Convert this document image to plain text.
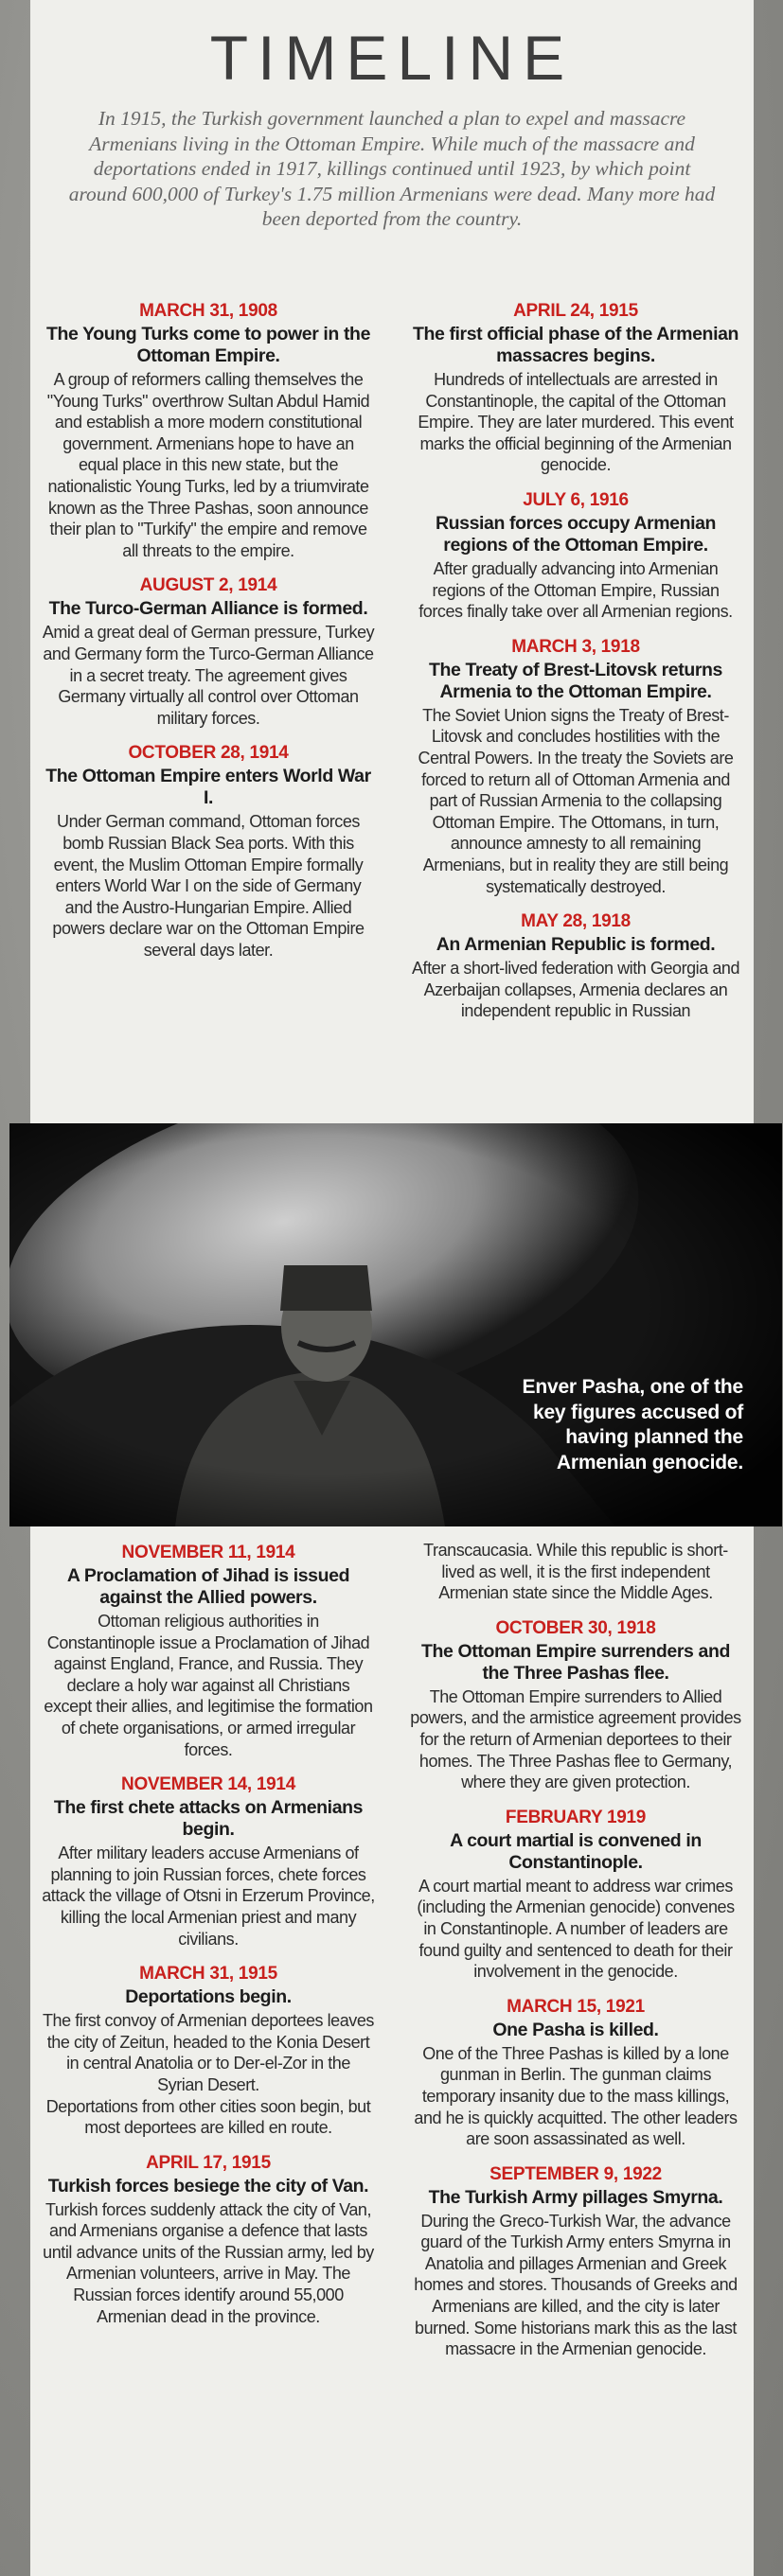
TIMELINE

In 1915, the Turkish government launched a plan to expel and massacre Armenians living in the Ottoman Empire. While much of the massacre and deportations ended in 1917, killings continued until 1923, by which point around 600,000 of Turkey's 1.75 million Armenians were dead. Many more had been deported from the country.

MARCH 31, 1908

The Young Turks come to power in the Ottoman Empire.

A group of reformers calling themselves the "Young Turks" overthrow Sultan Abdul Hamid and establish a more modern constitutional government. Armenians hope to have an equal place in this new state, but the nationalistic Young Turks, led by a triumvirate known as the Three Pashas, soon announce their plan to "Turkify" the empire and remove all threats to the empire.

AUGUST 2, 1914

The Turco-German Alliance is formed.

Amid a great deal of German pressure, Turkey and Germany form the Turco-German Alliance in a secret treaty. The agreement gives Germany virtually all control over Ottoman military forces.

OCTOBER 28, 1914

The Ottoman Empire enters World War I.

Under German command, Ottoman forces bomb Russian Black Sea ports. With this event, the Muslim Ottoman Empire formally enters World War I on the side of Germany and the Austro-Hungarian Empire. Allied powers declare war on the Ottoman Empire several days later.

APRIL 24, 1915

The first official phase of the Armenian massacres begins.

Hundreds of intellectuals are arrested in Constantinople, the capital of the Ottoman Empire. They are later murdered. This event marks the official beginning of the Armenian genocide.

JULY 6, 1916

Russian forces occupy Armenian regions of the Ottoman Empire.

After gradually advancing into Armenian regions of the Ottoman Empire, Russian forces finally take over all Armenian regions.

MARCH 3, 1918

The Treaty of Brest-Litovsk returns Armenia to the Ottoman Empire.

The Soviet Union signs the Treaty of Brest-Litovsk and concludes hostilities with the Central Powers. In the treaty the Soviets are forced to return all of Ottoman Armenia and part of Russian Armenia to the collapsing Ottoman Empire. The Ottomans, in turn, announce amnesty to all remaining Armenians, but in reality they are still being systematically destroyed.

MAY 28, 1918

An Armenian Republic is formed.

After a short-lived federation with Georgia and Azerbaijan collapses, Armenia declares an independent republic in Russian

NOVEMBER 11, 1914

A Proclamation of Jihad is issued against the Allied powers.

Ottoman religious authorities in Constantinople issue a Proclamation of Jihad against England, France, and Russia. They declare a holy war against all Christians except their allies, and legitimise the formation of chete organisations, or armed irregular forces.

NOVEMBER 14, 1914

The first chete attacks on Armenians begin.

After military leaders accuse Armenians of planning to join Russian forces, chete forces attack the village of Otsni in Erzerum Province, killing the local Armenian priest and many civilians.

MARCH 31, 1915

Deportations begin.

The first convoy of Armenian deportees leaves the city of Zeitun, headed to the Konia Desert in central Anatolia or to Der-el-Zor in the Syrian Desert.

Deportations from other cities soon begin, but most deportees are killed en route.

APRIL 17, 1915

Turkish forces besiege the city of Van.

Turkish forces suddenly attack the city of Van, and Armenians organise a defence that lasts until advance units of the Russian army, led by Armenian volunteers, arrive in May. The Russian forces identify around 55,000 Armenian dead in the province.

Transcaucasia. While this republic is short-lived as well, it is the first independent Armenian state since the Middle Ages.

OCTOBER 30, 1918

The Ottoman Empire surrenders and the Three Pashas flee.

The Ottoman Empire surrenders to Allied powers, and the armistice agreement provides for the return of Armenian deportees to their homes. The Three Pashas flee to Germany, where they are given protection.

FEBRUARY 1919

A court martial is convened in Constantinople.

A court martial meant to address war crimes (including the Armenian genocide) convenes in Constantinople. A number of leaders are found guilty and sentenced to death for their involvement in the genocide.

MARCH 15, 1921

One Pasha is killed.

One of the Three Pashas is killed by a lone gunman in Berlin. The gunman claims temporary insanity due to the mass killings, and he is quickly acquitted. The other leaders are soon assassinated as well.

SEPTEMBER 9, 1922

The Turkish Army pillages Smyrna.

During the Greco-Turkish War, the advance guard of the Turkish Army enters Smyrna in Anatolia and pillages Armenian and Greek homes and stores. Thousands of Greeks and Armenians are killed, and the city is later burned. Some historians mark this as the last massacre in the Armenian genocide.

Enver Pasha, one of the key figures accused of having planned the Armenian genocide.
